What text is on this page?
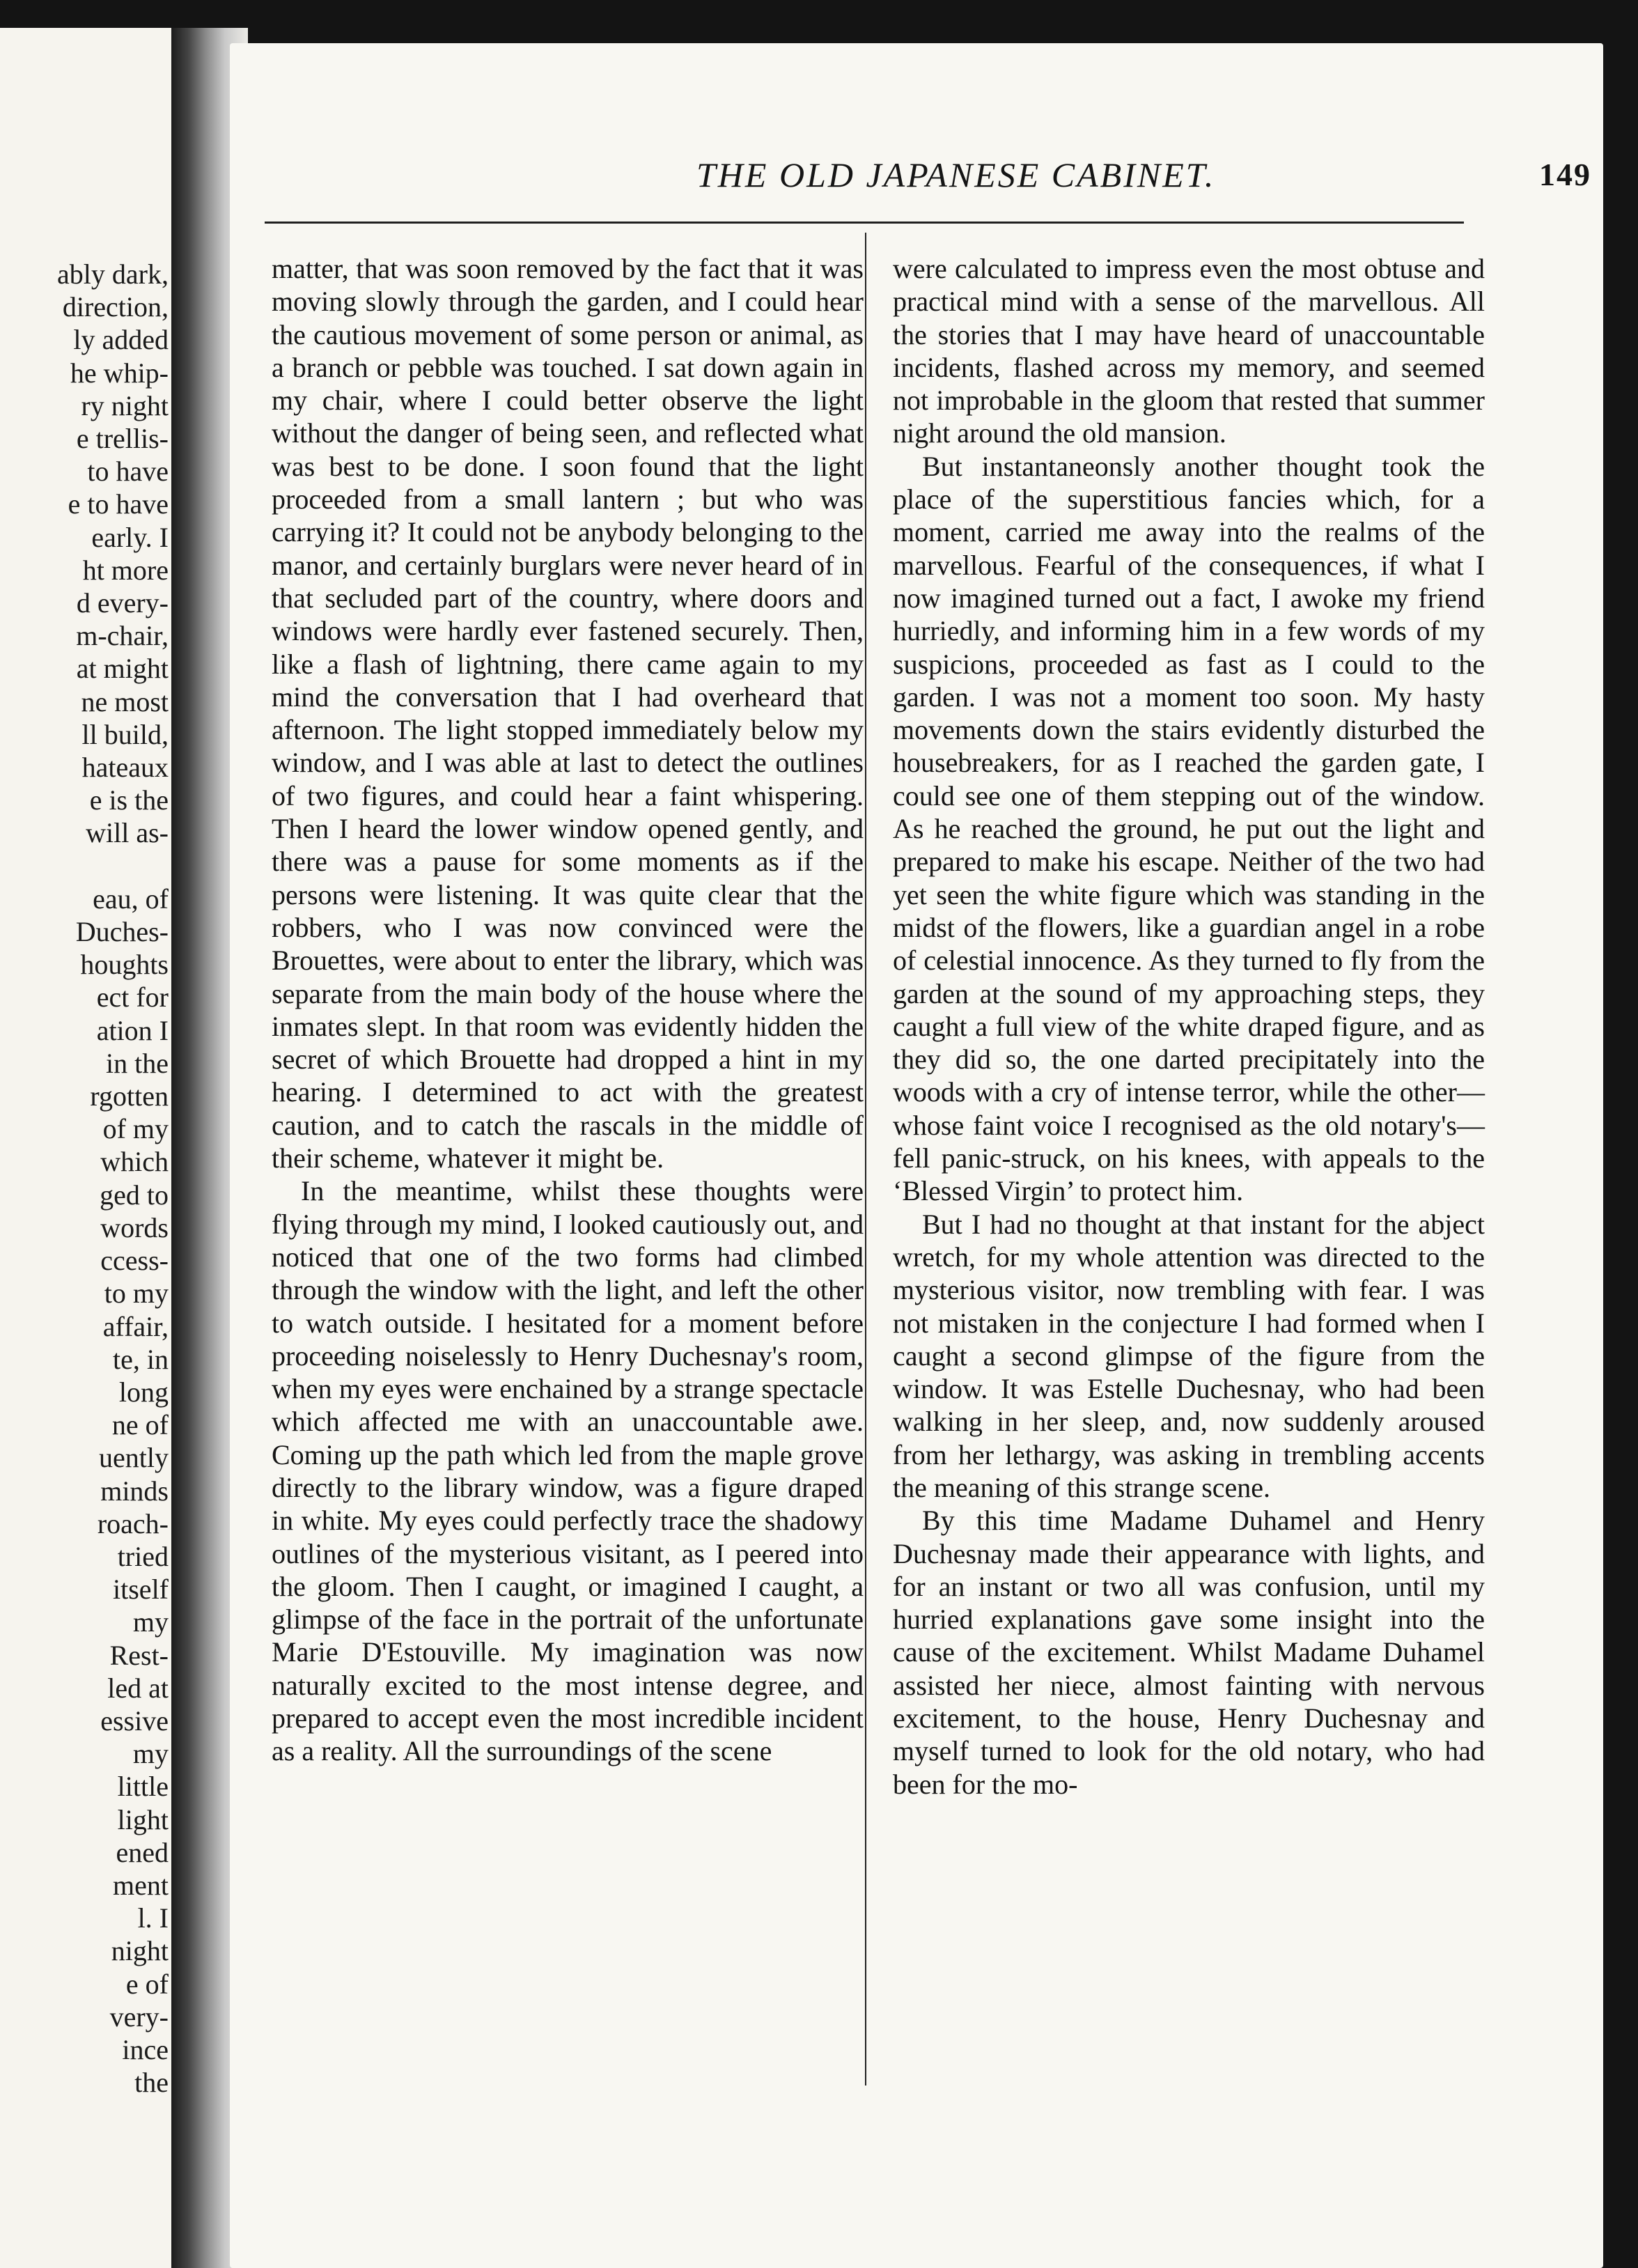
ably dark,
direction,
ly added
he whip-
ry night
e trellis-
to have
e to have
early. I
ht more
d every-
m-chair,
at might
ne most
ll build,
hateaux
e is the
will as-

eau, of
Duches-
houghts
ect for
ation I
in the
rgotten
of my
which
ged to
words
ccess-
to my
affair,
te, in
long
ne of
uently
minds
roach-
tried
itself
my
Rest-
led at
essive
my
little
light
ened
ment
l. I
night
e of
very-
ince
the
THE OLD JAPANESE CABINET.	149

matter, that was soon removed by the fact that it was moving slowly through the garden, and I could hear the cautious movement of some person or animal, as a branch or pebble was touched. I sat down again in my chair, where I could better observe the light without the danger of being seen, and reflected what was best to be done. I soon found that the light proceeded from a small lantern ; but who was carrying it? It could not be anybody belonging to the manor, and certainly burglars were never heard of in that secluded part of the country, where doors and windows were hardly ever fastened securely. Then, like a flash of lightning, there came again to my mind the conversation that I had overheard that afternoon. The light stopped immediately below my window, and I was able at last to detect the outlines of two figures, and could hear a faint whispering. Then I heard the lower window opened gently, and there was a pause for some moments as if the persons were listening. It was quite clear that the robbers, who I was now convinced were the Brouettes, were about to enter the library, which was separate from the main body of the house where the inmates slept. In that room was evidently hidden the secret of which Brouette had dropped a hint in my hearing. I determined to act with the greatest caution, and to catch the rascals in the middle of their scheme, whatever it might be.

In the meantime, whilst these thoughts were flying through my mind, I looked cautiously out, and noticed that one of the two forms had climbed through the window with the light, and left the other to watch outside. I hesitated for a moment before proceeding noiselessly to Henry Duchesnay's room, when my eyes were enchained by a strange spectacle which affected me with an unaccountable awe. Coming up the path which led from the maple grove directly to the library window, was a figure draped in white. My eyes could perfectly trace the shadowy outlines of the mysterious visitant, as I peered into the gloom. Then I caught, or imagined I caught, a glimpse of the face in the portrait of the unfortunate Marie D'Estouville. My imagination was now naturally excited to the most intense degree, and prepared to accept even the most incredible incident as a reality. All the surroundings of the scene

were calculated to impress even the most obtuse and practical mind with a sense of the marvellous. All the stories that I may have heard of unaccountable incidents, flashed across my memory, and seemed not improbable in the gloom that rested that summer night around the old mansion.

But instantaneonsly another thought took the place of the superstitious fancies which, for a moment, carried me away into the realms of the marvellous. Fearful of the consequences, if what I now imagined turned out a fact, I awoke my friend hurriedly, and informing him in a few words of my suspicions, proceeded as fast as I could to the garden. I was not a moment too soon. My hasty movements down the stairs evidently disturbed the housebreakers, for as I reached the garden gate, I could see one of them stepping out of the window. As he reached the ground, he put out the light and prepared to make his escape. Neither of the two had yet seen the white figure which was standing in the midst of the flowers, like a guardian angel in a robe of celestial innocence. As they turned to fly from the garden at the sound of my approaching steps, they caught a full view of the white draped figure, and as they did so, the one darted precipitately into the woods with a cry of intense terror, while the other—whose faint voice I recognised as the old notary's—fell panic-struck, on his knees, with appeals to the ‘Blessed Virgin’ to protect him.

But I had no thought at that instant for the abject wretch, for my whole attention was directed to the mysterious visitor, now trembling with fear. I was not mistaken in the conjecture I had formed when I caught a second glimpse of the figure from the window. It was Estelle Duchesnay, who had been walking in her sleep, and, now suddenly aroused from her lethargy, was asking in trembling accents the meaning of this strange scene.

By this time Madame Duhamel and Henry Duchesnay made their appearance with lights, and for an instant or two all was confusion, until my hurried explanations gave some insight into the cause of the excitement. Whilst Madame Duhamel assisted her niece, almost fainting with nervous excitement, to the house, Henry Duchesnay and myself turned to look for the old notary, who had been for the mo-
